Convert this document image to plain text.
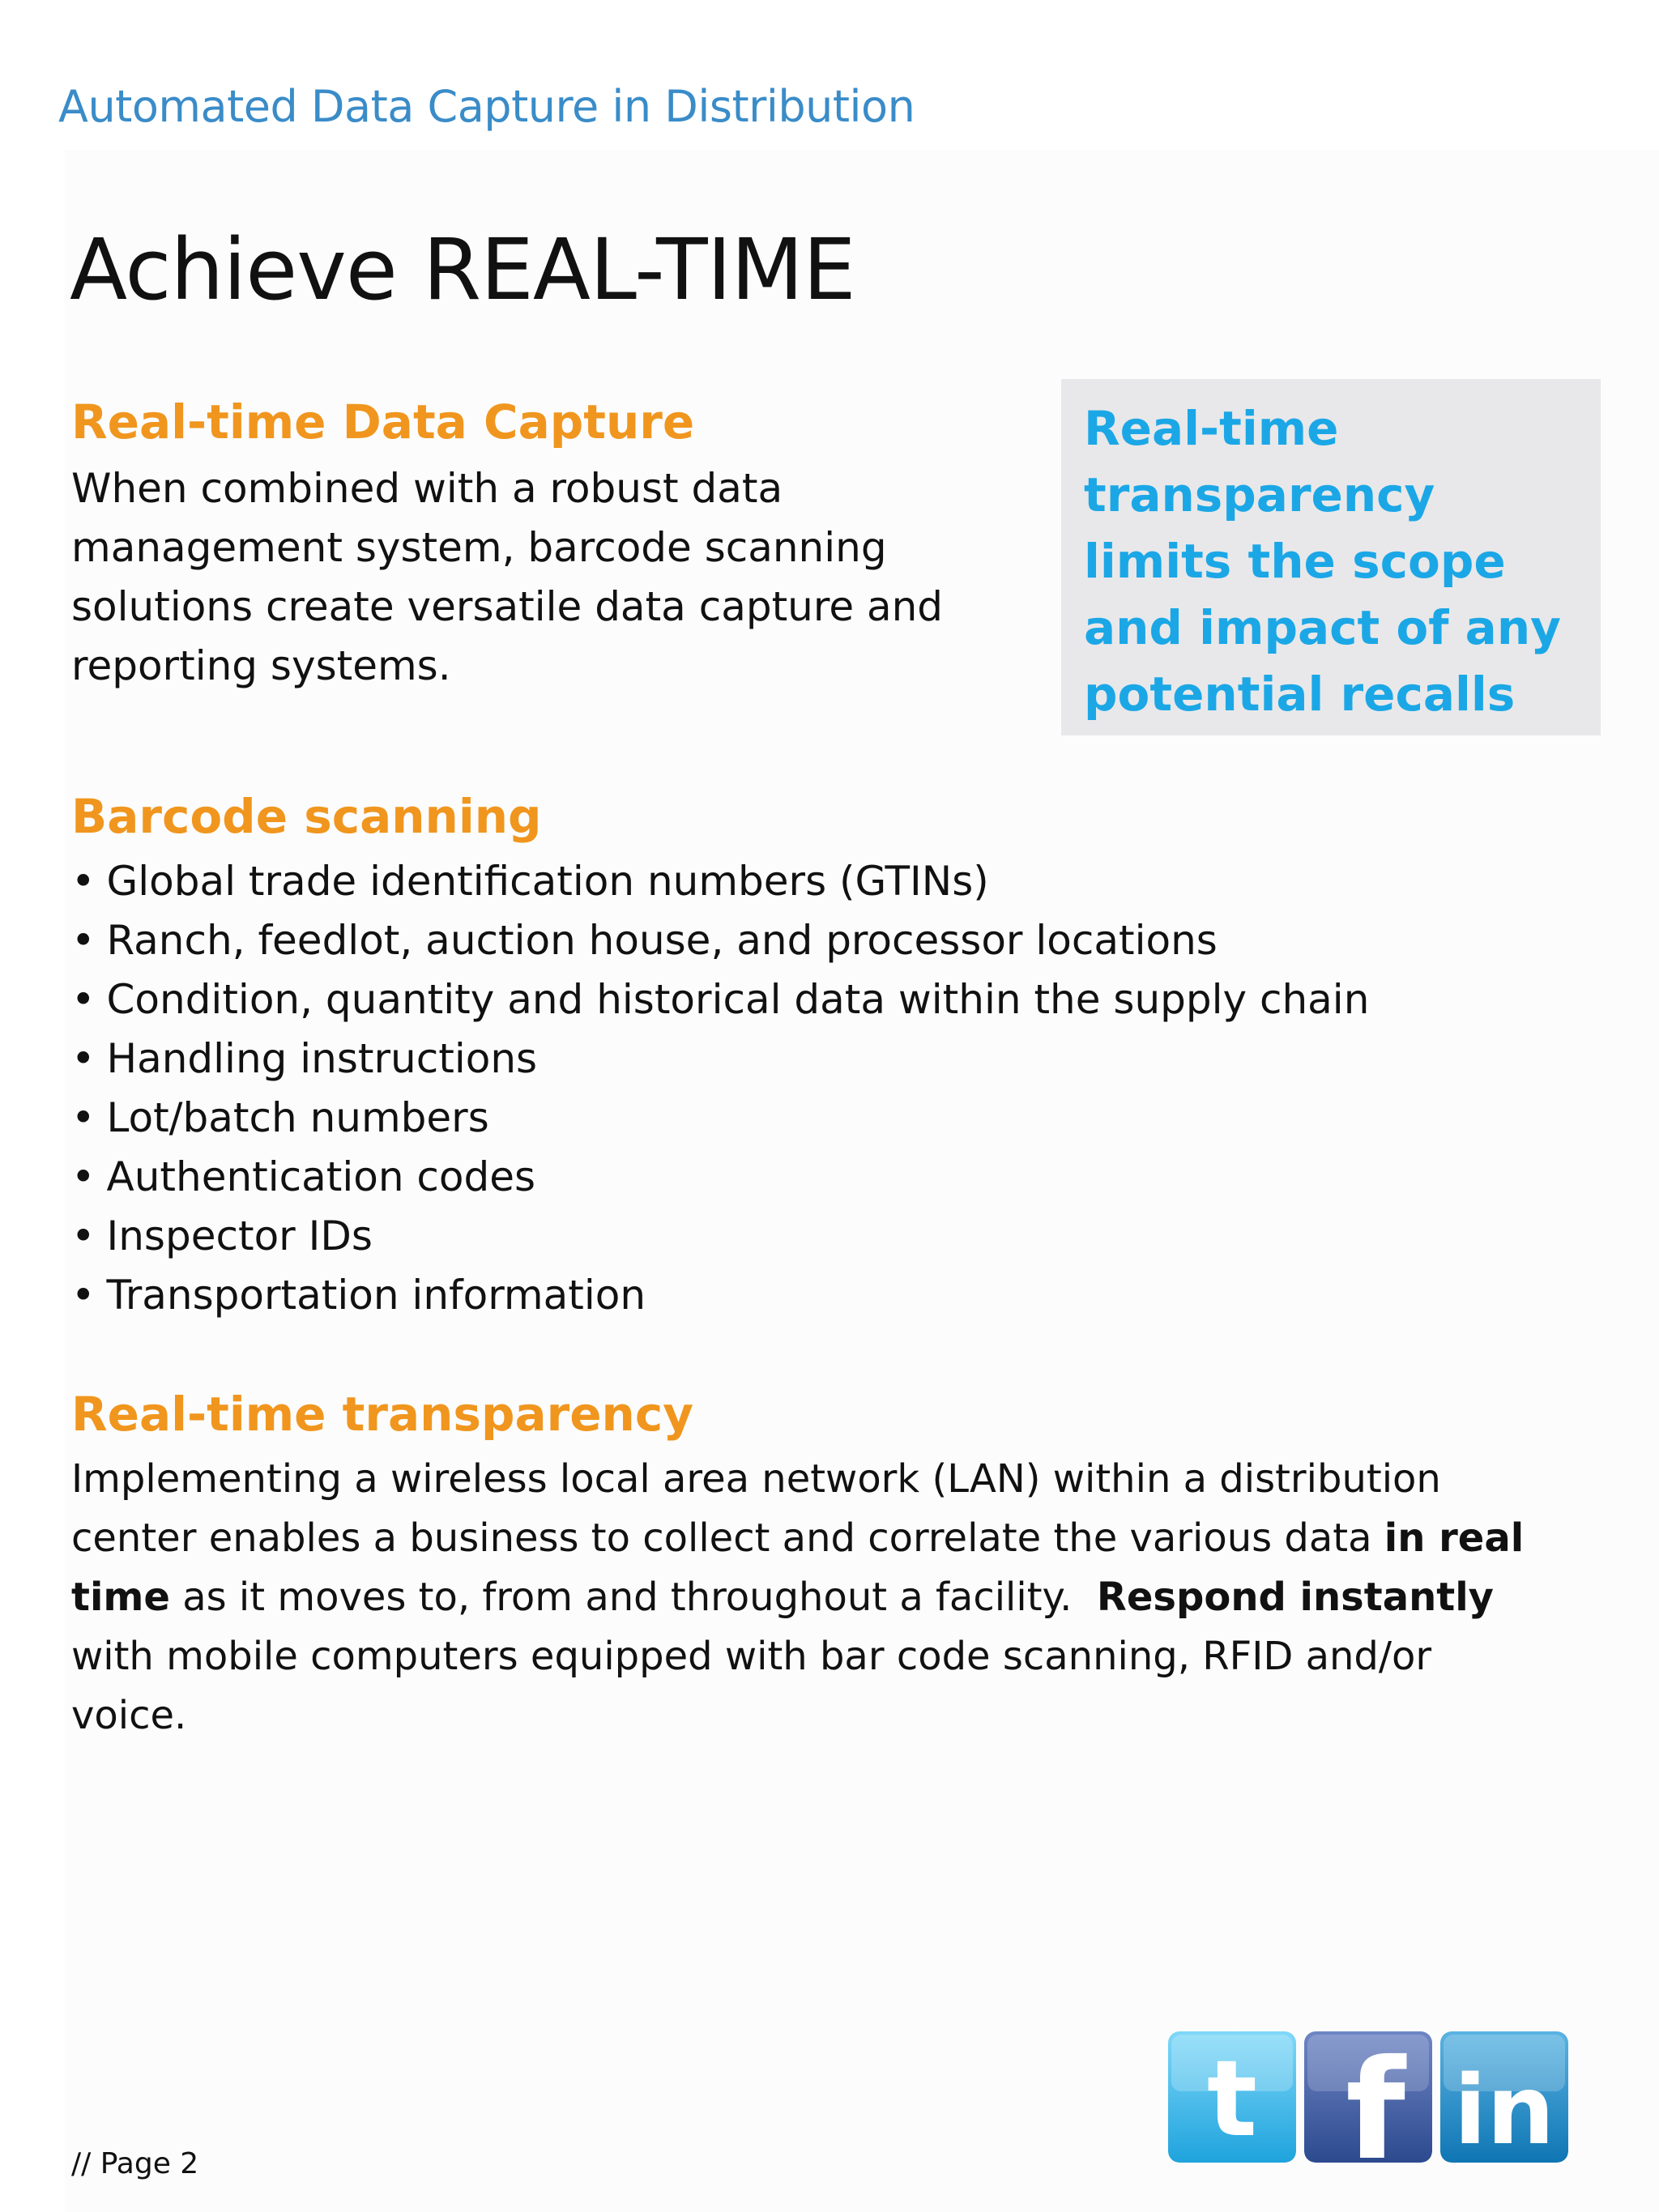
Automated Data Capture in Distribution
Achieve REAL-TIME
Real-time Data Capture
When combined with a robust data
management system, barcode scanning
solutions create versatile data capture and
reporting systems.
Real-time
transparency
limits the scope
and impact of any
potential recalls
Barcode scanning
• Global trade identification numbers (GTINs)
• Ranch, feedlot, auction house, and processor locations
• Condition, quantity and historical data within the supply chain
• Handling instructions
• Lot/batch numbers
• Authentication codes
• Inspector IDs
• Transportation information
Real-time transparency
Implementing a wireless local area network (LAN) within a distribution
center enables a business to collect and correlate the various data in real
time as it moves to, from and throughout a facility.  Respond instantly
with mobile computers equipped with bar code scanning, RFID and/or
voice.
t f in
// Page 2
